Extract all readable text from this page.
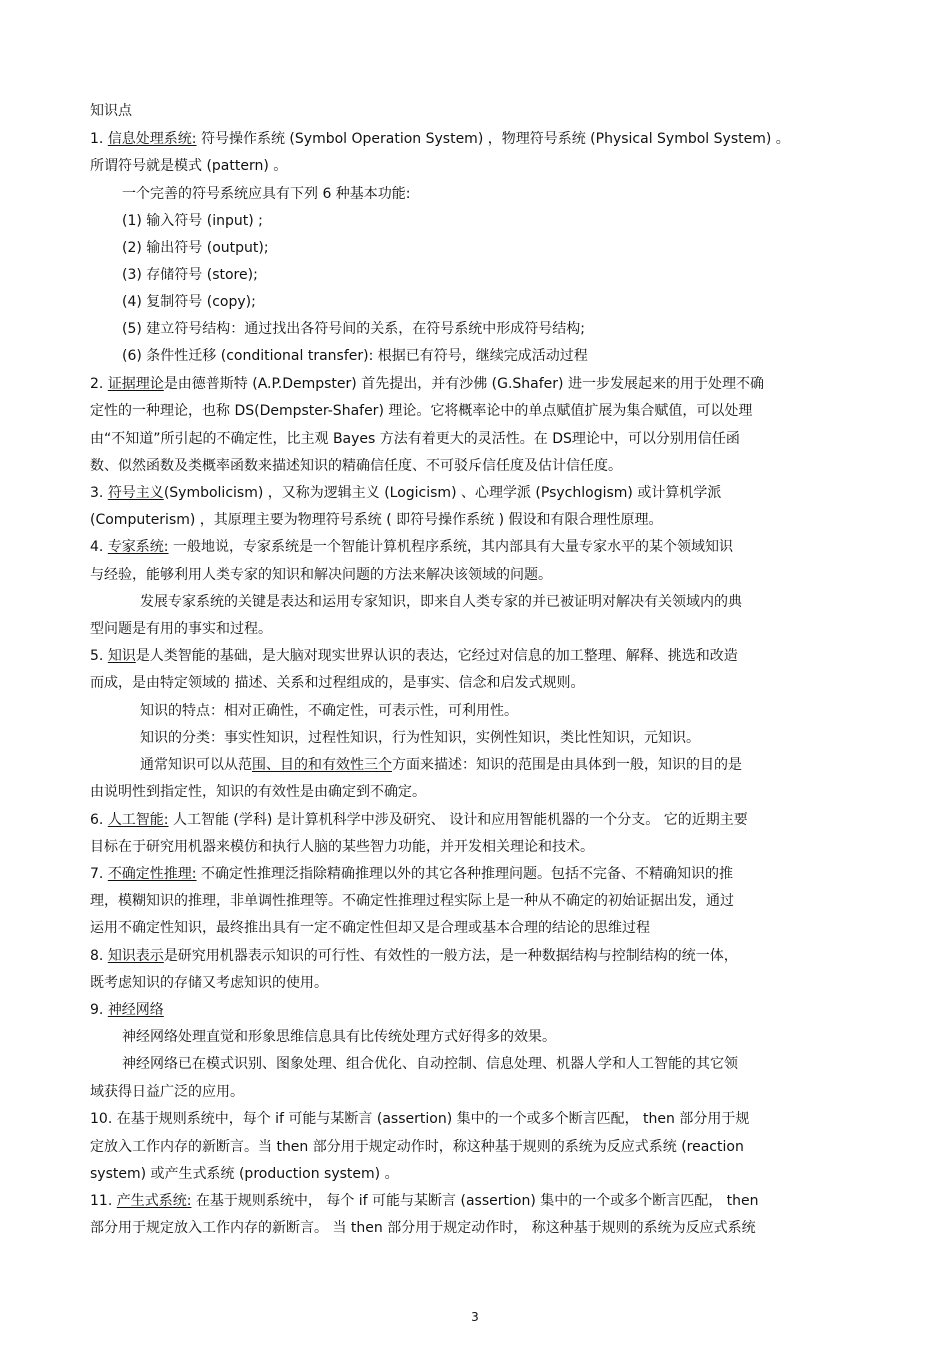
知识点
1. 信息处理系统: 符号操作系统 (Symbol Operation System) ，物理符号系统 (Physical Symbol System) 。
所谓符号就是模式 (pattern) 。
一个完善的符号系统应具有下列 6 种基本功能:
(1) 输入符号 (input) ;
(2) 输出符号 (output);
(3) 存储符号 (store);
(4) 复制符号 (copy);
(5) 建立符号结构：通过找出各符号间的关系，在符号系统中形成符号结构;
(6) 条件性迁移 (conditional transfer): 根据已有符号，继续完成活动过程
2. 证据理论是由德普斯特 (A.P.Dempster) 首先提出，并有沙佛 (G.Shafer) 进一步发展起来的用于处理不确
定性的一种理论，也称 DS(Dempster-Shafer) 理论。它将概率论中的单点赋值扩展为集合赋值，可以处理
由“不知道”所引起的不确定性，比主观 Bayes 方法有着更大的灵活性。在 DS理论中，可以分别用信任函
数、似然函数及类概率函数来描述知识的精确信任度、不可驳斥信任度及估计信任度。
3. 符号主义(Symbolicism) ，又称为逻辑主义 (Logicism) 、心理学派 (Psychlogism) 或计算机学派
(Computerism) ，其原理主要为物理符号系统 ( 即符号操作系统 ) 假设和有限合理性原理。
4. 专家系统: 一般地说，专家系统是一个智能计算机程序系统，其内部具有大量专家水平的某个领域知识
与经验，能够利用人类专家的知识和解决问题的方法来解决该领域的问题。
发展专家系统的关键是表达和运用专家知识，即来自人类专家的并已被证明对解决有关领域内的典
型问题是有用的事实和过程。
5. 知识是人类智能的基础，是大脑对现实世界认识的表达，它经过对信息的加工整理、解释、挑选和改造
而成，是由特定领域的 描述、关系和过程组成的，是事实、信念和启发式规则。
知识的特点：相对正确性，不确定性，可表示性，可利用性。
知识的分类：事实性知识，过程性知识，行为性知识，实例性知识，类比性知识，元知识。
通常知识可以从范围、目的和有效性三个方面来描述：知识的范围是由具体到一般，知识的目的是
由说明性到指定性，知识的有效性是由确定到不确定。
6. 人工智能: 人工智能 (学科) 是计算机科学中涉及研究、 设计和应用智能机器的一个分支。 它的近期主要
目标在于研究用机器来模仿和执行人脑的某些智力功能，并开发相关理论和技术。
7. 不确定性推理: 不确定性推理泛指除精确推理以外的其它各种推理问题。包括不完备、不精确知识的推
理，模糊知识的推理，非单调性推理等。不确定性推理过程实际上是一种从不确定的初始证据出发，通过
运用不确定性知识，最终推出具有一定不确定性但却又是合理或基本合理的结论的思维过程
8. 知识表示是研究用机器表示知识的可行性、有效性的一般方法，是一种数据结构与控制结构的统一体，
既考虑知识的存储又考虑知识的使用。
9. 神经网络
神经网络处理直觉和形象思维信息具有比传统处理方式好得多的效果。
神经网络已在模式识别、图象处理、组合优化、自动控制、信息处理、机器人学和人工智能的其它领
域获得日益广泛的应用。
10. 在基于规则系统中，每个 if 可能与某断言 (assertion) 集中的一个或多个断言匹配， then 部分用于规
定放入工作内存的新断言。当 then 部分用于规定动作时，称这种基于规则的系统为反应式系统 (reaction
system) 或产生式系统 (production system) 。
11. 产生式系统: 在基于规则系统中， 每个 if 可能与某断言 (assertion) 集中的一个或多个断言匹配， then
部分用于规定放入工作内存的新断言。 当 then 部分用于规定动作时， 称这种基于规则的系统为反应式系统
3
